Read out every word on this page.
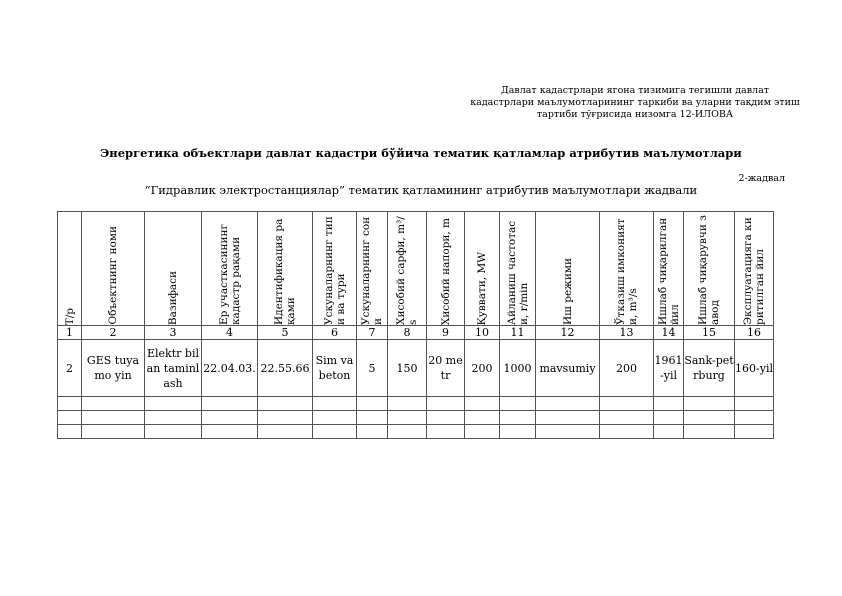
Давлат кадастрлари ягона тизимига тегишли давлат кадастрлари маълумотларининг таркиби ва уларни тақдим этиш тартиби тўғрисида низомга 12-ИЛОВА
Энергетика объектлари давлат кадастри бўйича тематик қатламлар атрибутив маълумотлари
2-жадвал
“Гидравлик электростанциялар” тематик қатламининг атрибутив маълумотлари жадвали
Т/р	Объектнинг номи	Вазифаси	Ер участкасининг кадастр рақами	Идентификация рақами	Ускуналарнинг типи ва тури	Ускуналарнинг сони	Хисобий сарфи, m³/s	Хисобий напори, m	Қуввати, MW	Айланиш частотаси, r/min	Иш режими	Ўтказиш имконияти, m³/s	Ишлаб чиқарилган йил	Ишлаб чиқарувчи завод	Эксплуатацияга киритилган йил

1	2	3	4	5	6	7	8	9	10	11	12	13	14	15	16
2	GES tuyamo yin	Elektr bilan taminlash	22.04.03.	22.55.66	Sim va beton	5	150	20 metr	200	1000	mavsumiy	200	1961-yil	Sank-petrburg	160-yil
